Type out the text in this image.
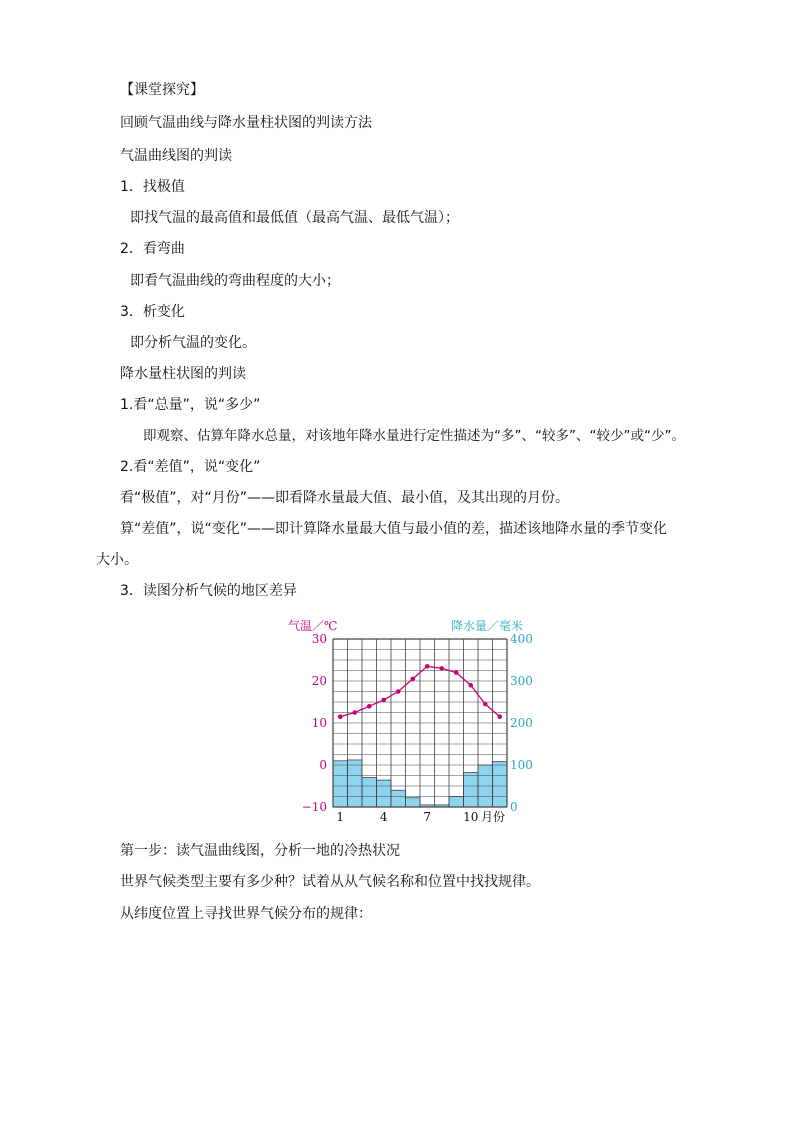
【课堂探究】
回顾气温曲线与降水量柱状图的判读方法
气温曲线图的判读
1．找极值
即找气温的最高值和最低值（最高气温、最低气温）；
2．看弯曲
即看气温曲线的弯曲程度的大小；
3．析变化
即分析气温的变化。
降水量柱状图的判读
1.看“总量”，说“多少”
即观察、估算年降水总量，对该地年降水量进行定性描述为“多”、“较多”、“较少”或“少”。
2.看“差值”，说“变化”
看“极值”，对“月份”——即看降水量最大值、最小值，及其出现的月份。
算“差值”，说“变化”——即计算降水量最大值与最小值的差，描述该地降水量的季节变化
大小。
3．读图分析气候的地区差异
气温／℃	降水量／毫米
30
20
10
0
−10
400
300
200
100
0
1	4	7	10 月份
第一步：读气温曲线图，分析一地的冷热状况
世界气候类型主要有多少种？试着从从气候名称和位置中找找规律。
从纬度位置上寻找世界气候分布的规律：
